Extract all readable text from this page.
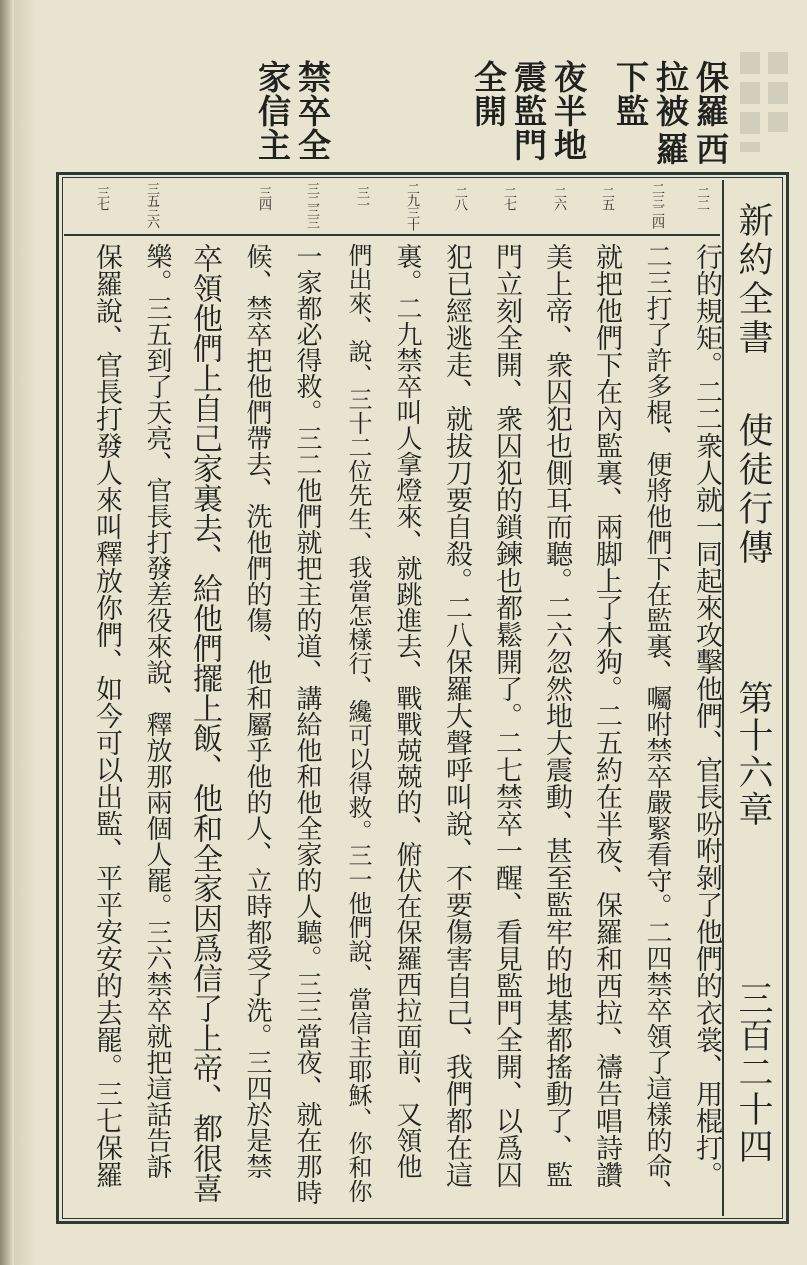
保羅
拉被
下監
西
羅
夜半地
震監門
全開
禁卒全
家信主
二二
二三
二四
二五
二六
二七
二八
二九
三十
三一
三二
三三
三四
三五
三六
三七
新約全書
使徒行傳
第十六章
三百二十四
行的規矩。二二衆人就一同起來攻擊他們、官長吩咐剝了他們的衣裳、用棍打。
二三打了許多棍、便將他們下在監裏、囑咐禁卒嚴緊看守。二四禁卒領了這樣的命、
就把他們下在內監裏、兩脚上了木狗。二五約在半夜、保羅和西拉、禱告唱詩讚
美上帝、衆囚犯也側耳而聽。二六忽然地大震動、甚至監牢的地基都搖動了、監
門立刻全開、衆囚犯的鎖鍊也都鬆開了。二七禁卒一醒、看見監門全開、以爲囚
犯已經逃走、就拔刀要自殺。二八保羅大聲呼叫說、不要傷害自己、我們都在這
裏。二九禁卒叫人拿燈來、就跳進去、戰戰兢兢的、俯伏在保羅西拉面前、又領他
們出來、說、三十二位先生、我當怎樣行、纔可以得救。三一他們說、當信主耶穌、你和你
一家都必得救。三二他們就把主的道、講給他和他全家的人聽。三三當夜、就在那時
候、禁卒把他們帶去、洗他們的傷、他和屬乎他的人、立時都受了洗。三四於是禁
卒領他們上自己家裏去、給他們擺上飯、他和全家因爲信了上帝、都很喜
樂。三五到了天亮、官長打發差役來說、釋放那兩個人罷。三六禁卒就把這話告訴
保羅說、官長打發人來叫釋放你們、如今可以出監、平平安安的去罷。三七保羅
